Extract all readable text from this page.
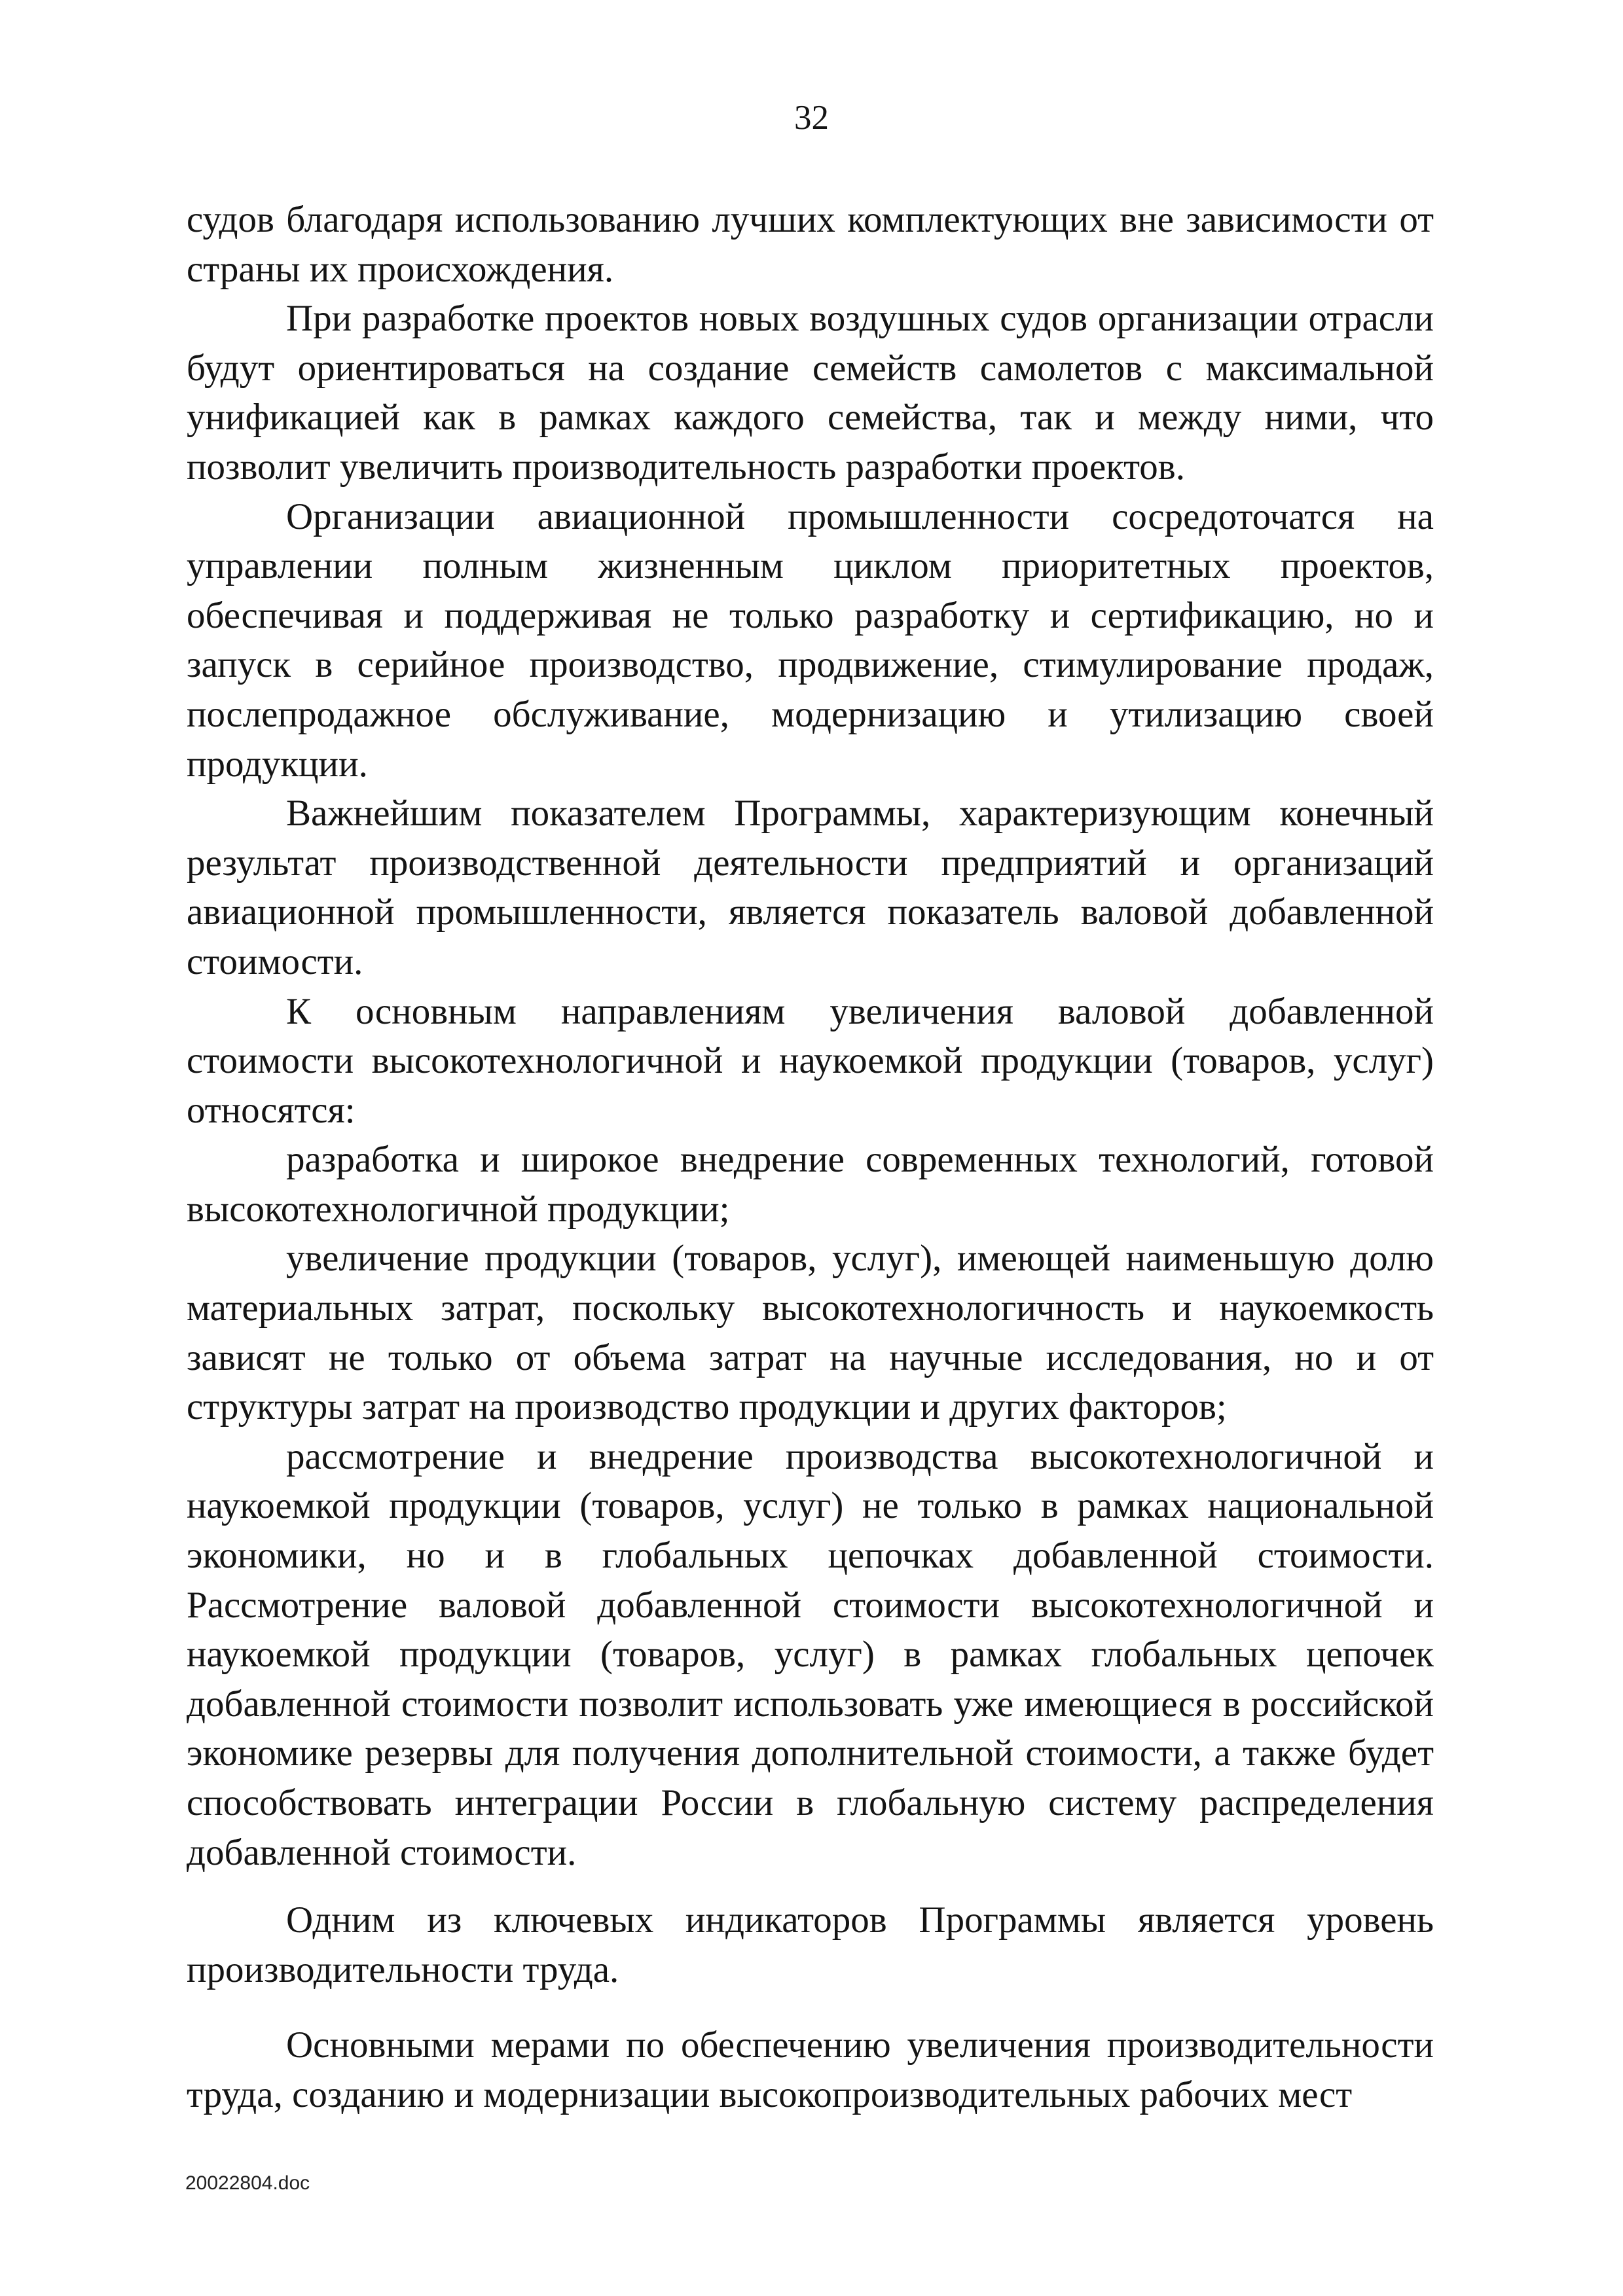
32

судов благодаря использованию лучших комплектующих вне зависимости от страны их происхождения.

При разработке проектов новых воздушных судов организации отрасли будут ориентироваться на создание семейств самолетов с максимальной унификацией как в рамках каждого семейства, так и между ними, что позволит увеличить производительность разработки проектов.

Организации авиационной промышленности сосредоточатся на управлении полным жизненным циклом приоритетных проектов, обеспечивая и поддерживая не только разработку и сертификацию, но и запуск в серийное производство, продвижение, стимулирование продаж, послепродажное обслуживание, модернизацию и утилизацию своей продукции.

Важнейшим показателем Программы, характеризующим конечный результат производственной деятельности предприятий и организаций авиационной промышленности, является показатель валовой добавленной стоимости.

К основным направлениям увеличения валовой добавленной стоимости высокотехнологичной и наукоемкой продукции (товаров, услуг) относятся:

разработка и широкое внедрение современных технологий, готовой высокотехнологичной продукции;

увеличение продукции (товаров, услуг), имеющей наименьшую долю материальных затрат, поскольку высокотехнологичность и наукоемкость зависят не только от объема затрат на научные исследования, но и от структуры затрат на производство продукции и других факторов;

рассмотрение и внедрение производства высокотехнологичной и наукоемкой продукции (товаров, услуг) не только в рамках национальной экономики, но и в глобальных цепочках добавленной стоимости. Рассмотрение валовой добавленной стоимости высокотехнологичной и наукоемкой продукции (товаров, услуг) в рамках глобальных цепочек добавленной стоимости позволит использовать уже имеющиеся в российской экономике резервы для получения дополнительной стоимости, а также будет способствовать интеграции России в глобальную систему распределения добавленной стоимости.

Одним из ключевых индикаторов Программы является уровень производительности труда.

Основными мерами по обеспечению увеличения производительности труда, созданию и модернизации высокопроизводительных рабочих мест

20022804.doc
